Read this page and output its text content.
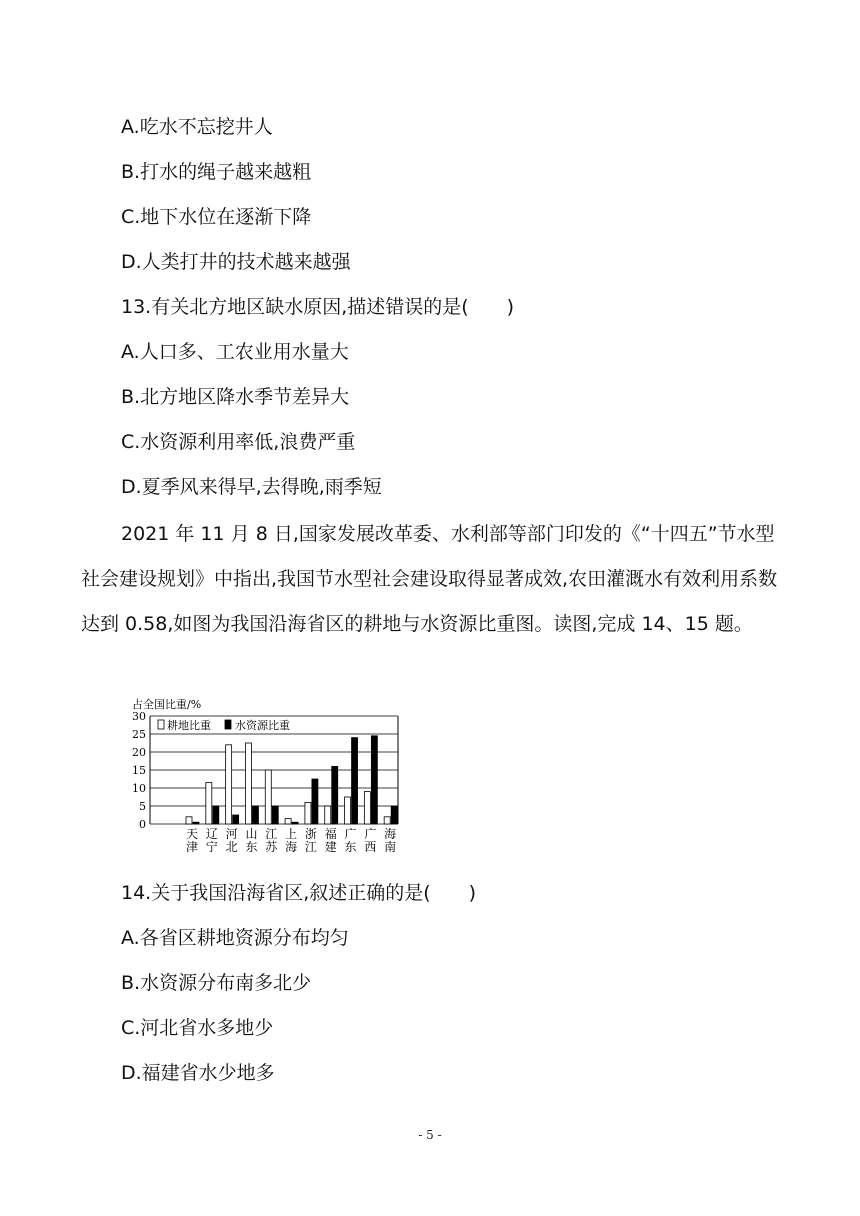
A.吃水不忘挖井人
B.打水的绳子越来越粗
C.地下水位在逐渐下降
D.人类打井的技术越来越强
13.有关北方地区缺水原因,描述错误的是(　　)
A.人口多、工农业用水量大
B.北方地区降水季节差异大
C.水资源利用率低,浪费严重
D.夏季风来得早,去得晚,雨季短
2021 年 11 月 8 日,国家发展改革委、水利部等部门印发的《“十四五”节水型社会建设规划》中指出,我国节水型社会建设取得显著成效,农田灌溉水有效利用系数达到 0.58,如图为我国沿海省区的耕地与水资源比重图。读图,完成 14、15 题。
占全国比重/%
0
5
10
15
20
25
30
天
津
辽
宁
河
北
山
东
江
苏
上
海
浙
江
福
建
广
东
广
西
海
南
耕地比重 水资源比重
14.关于我国沿海省区,叙述正确的是(　　)
A.各省区耕地资源分布均匀
B.水资源分布南多北少
C.河北省水多地少
D.福建省水少地多
- 5 -
